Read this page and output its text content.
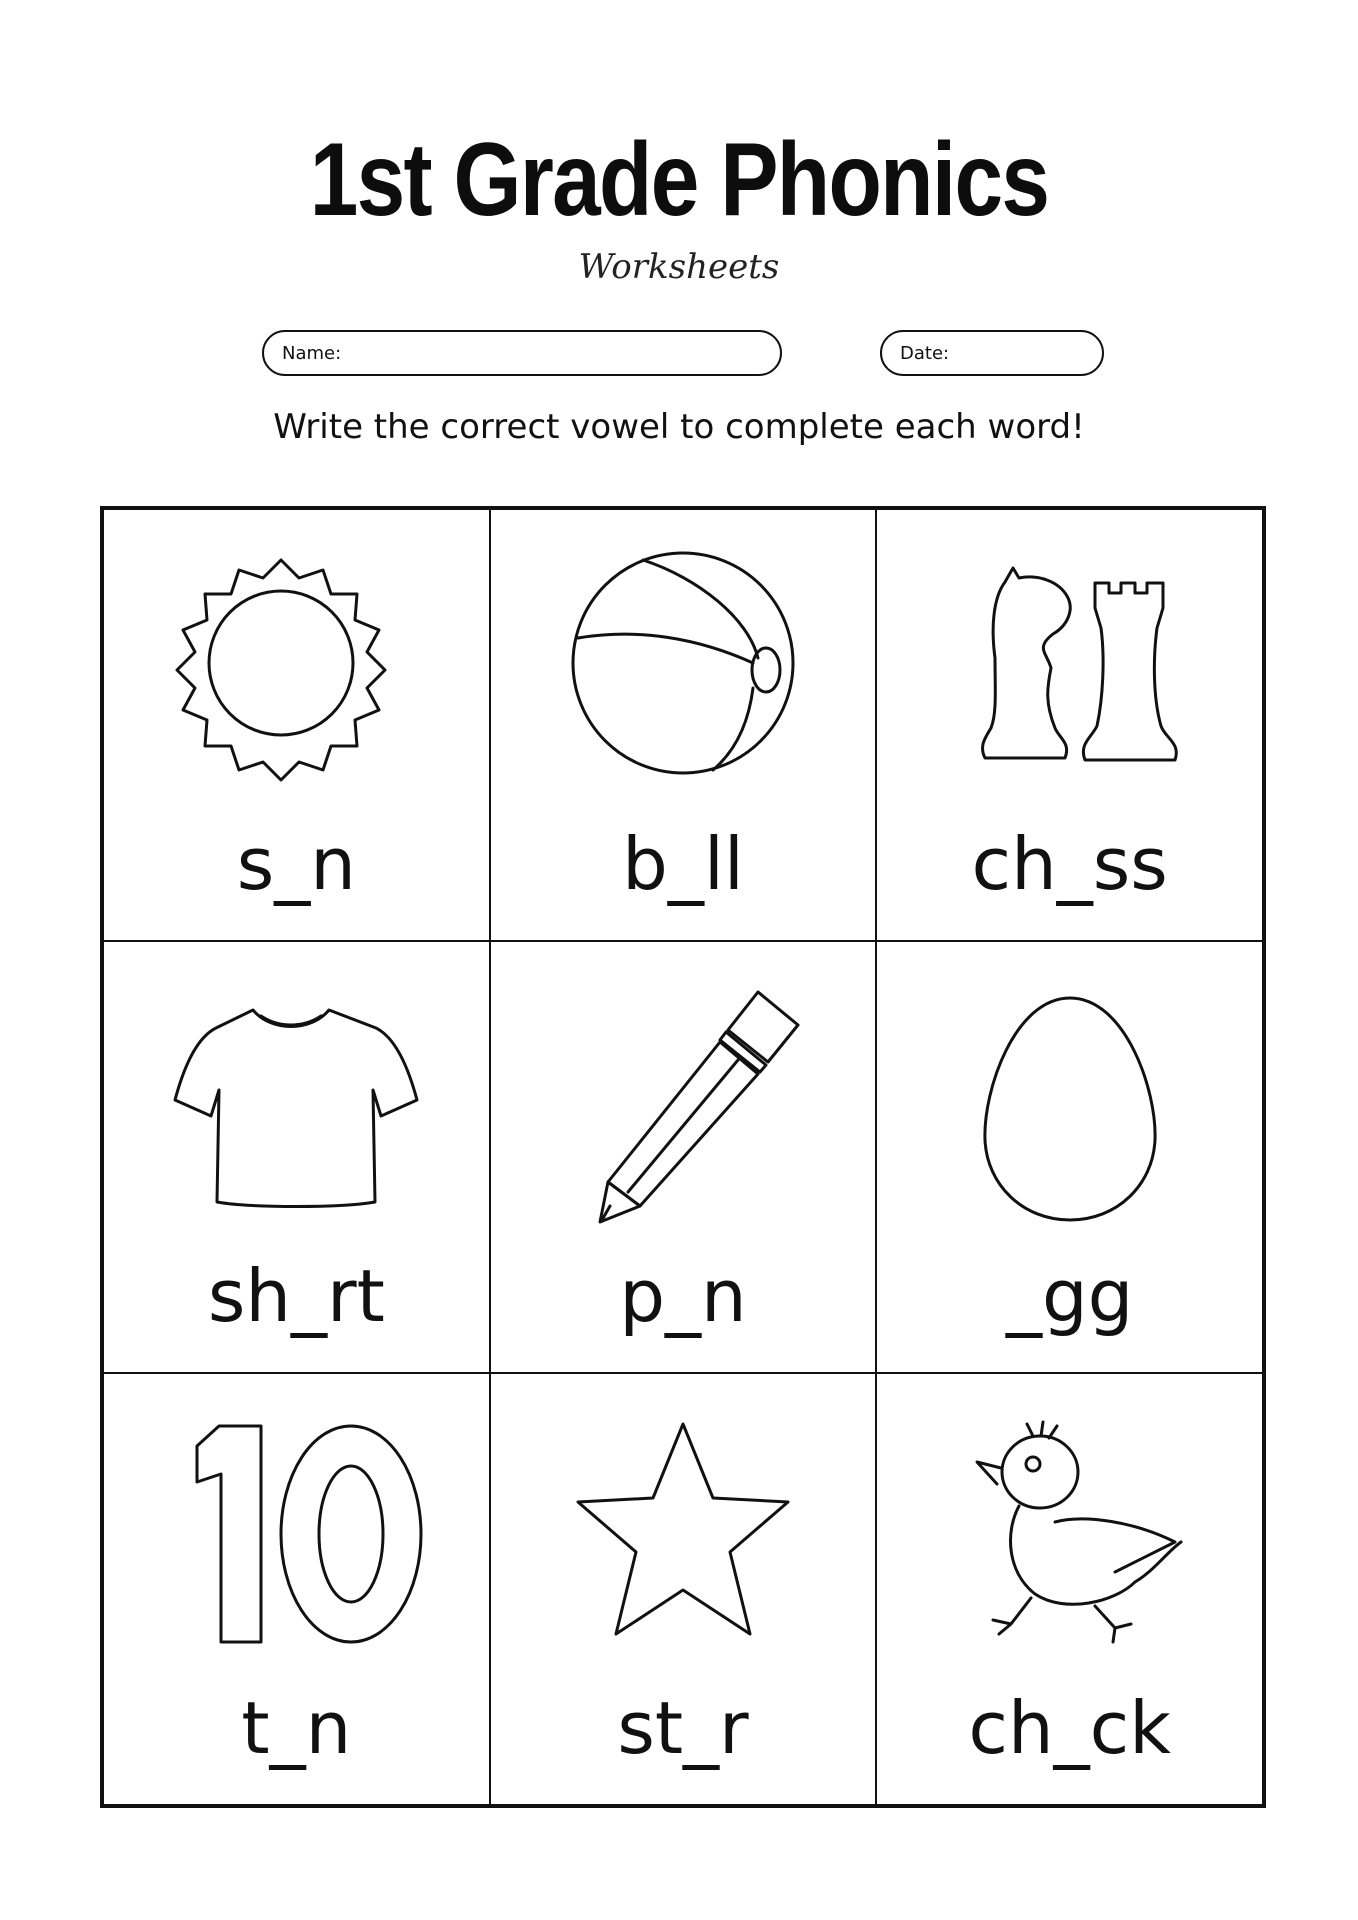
1st Grade Phonics
Worksheets
Name:	Date:
Write the correct vowel to complete each word!
s_n	b_ll	ch_ss
sh_rt	p_n	_gg
t_n	st_r	ch_ck
